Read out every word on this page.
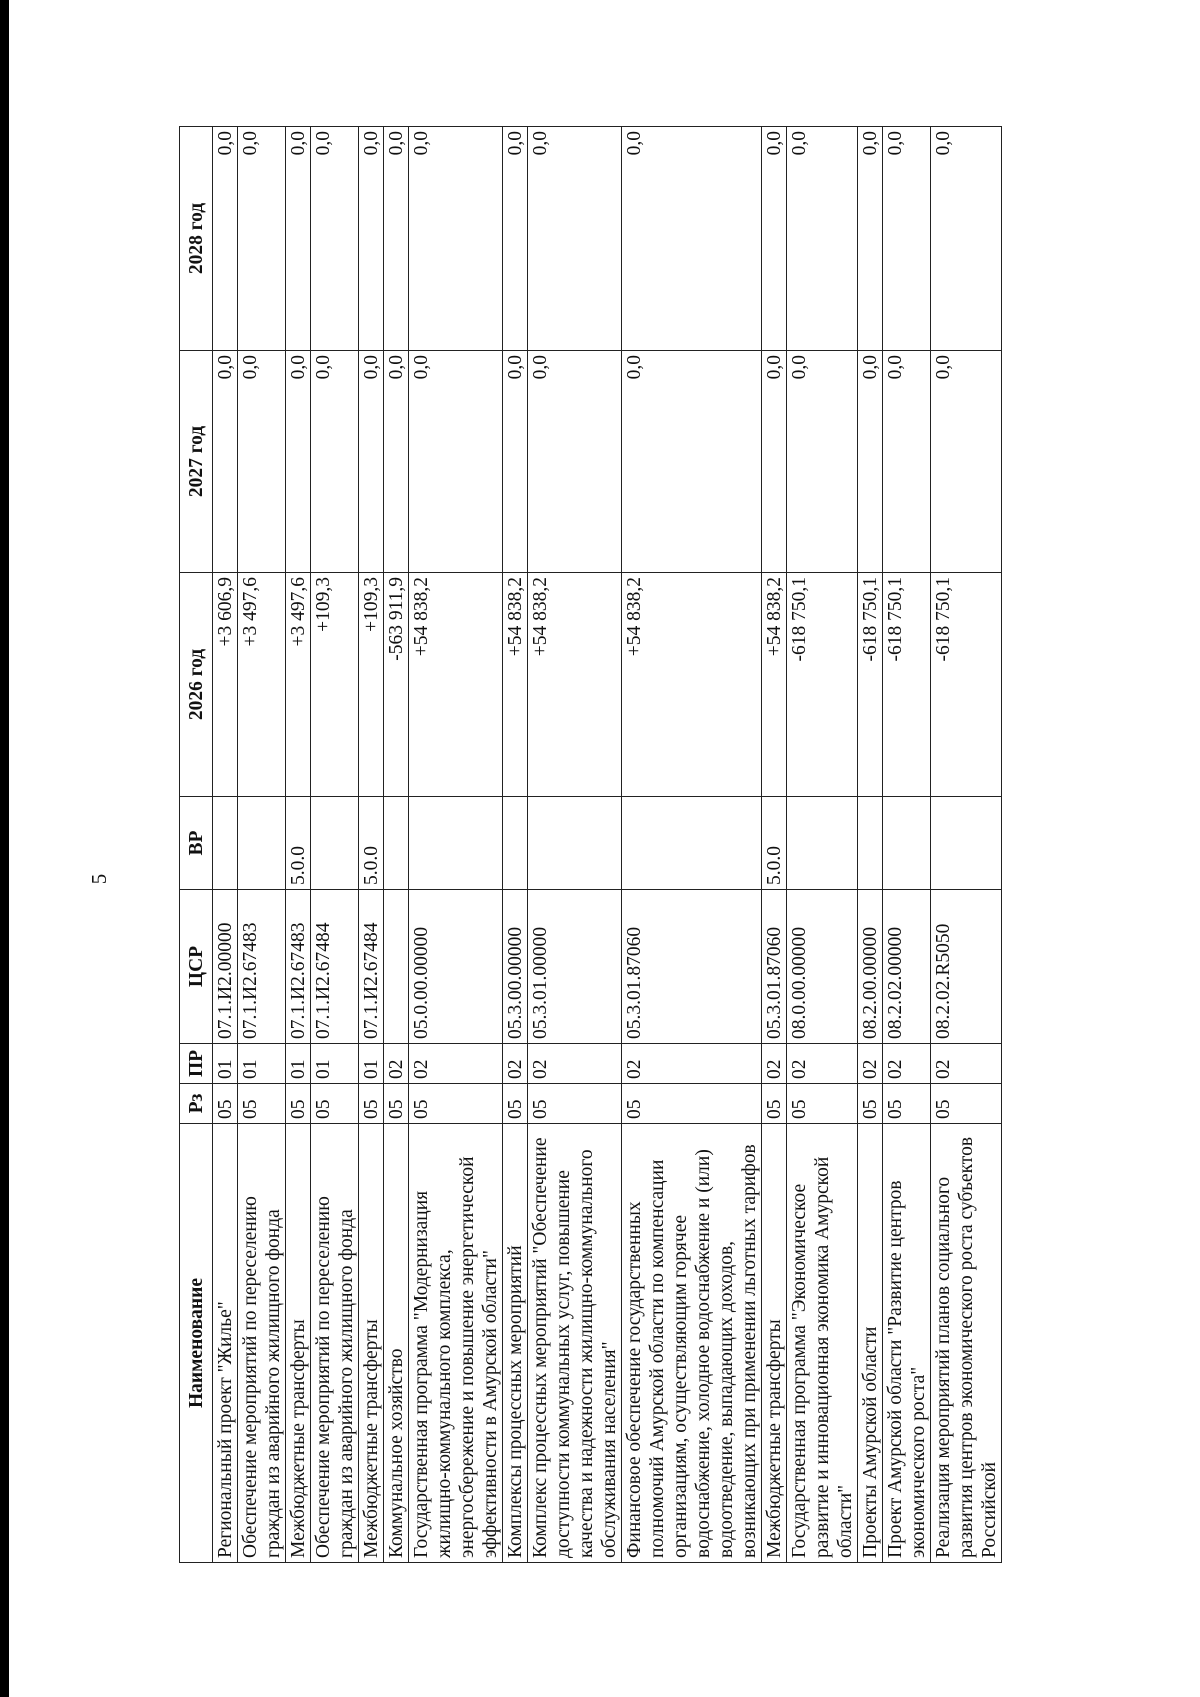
5
Наименование	Рз	ПР	ЦСР	ВР	2026 год	2027 год	2028 год
Региональный проект "Жилье"	05	01	07.1.И2.00000		+3 606,9	0,0	0,0
Обеспечение мероприятий по переселению граждан из аварийного жилищного фонда	05	01	07.1.И2.67483		+3 497,6	0,0	0,0
Межбюджетные трансферты	05	01	07.1.И2.67483	5.0.0	+3 497,6	0,0	0,0
Обеспечение мероприятий по переселению граждан из аварийного жилищного фонда	05	01	07.1.И2.67484		+109,3	0,0	0,0
Межбюджетные трансферты	05	01	07.1.И2.67484	5.0.0	+109,3	0,0	0,0
Коммунальное хозяйство	05	02			-563 911,9	0,0	0,0
Государственная программа "Модернизация жилищно-коммунального комплекса, энергосбережение и повышение энергетической эффективности в Амурской области"	05	02	05.0.00.00000		+54 838,2	0,0	0,0
Комплексы процессных мероприятий	05	02	05.3.00.00000		+54 838,2	0,0	0,0
Комплекс процессных мероприятий "Обеспечение доступности коммунальных услуг, повышение качества и надежности жилищно-коммунального обслуживания населения"	05	02	05.3.01.00000		+54 838,2	0,0	0,0
Финансовое обеспечение государственных полномочий Амурской области по компенсации организациям, осуществляющим горячее водоснабжение, холодное водоснабжение и (или) водоотведение, выпадающих доходов, возникающих при применении льготных тарифов	05	02	05.3.01.87060		+54 838,2	0,0	0,0
Межбюджетные трансферты	05	02	05.3.01.87060	5.0.0	+54 838,2	0,0	0,0
Государственная программа "Экономическое развитие и инновационная экономика Амурской области"	05	02	08.0.00.00000		-618 750,1	0,0	0,0
Проекты Амурской области	05	02	08.2.00.00000		-618 750,1	0,0	0,0
Проект Амурской области "Развитие центров экономического роста"	05	02	08.2.02.00000		-618 750,1	0,0	0,0
Реализация мероприятий планов социального развития центров экономического роста субъектов Российской	05	02	08.2.02.R5050		-618 750,1	0,0	0,0
